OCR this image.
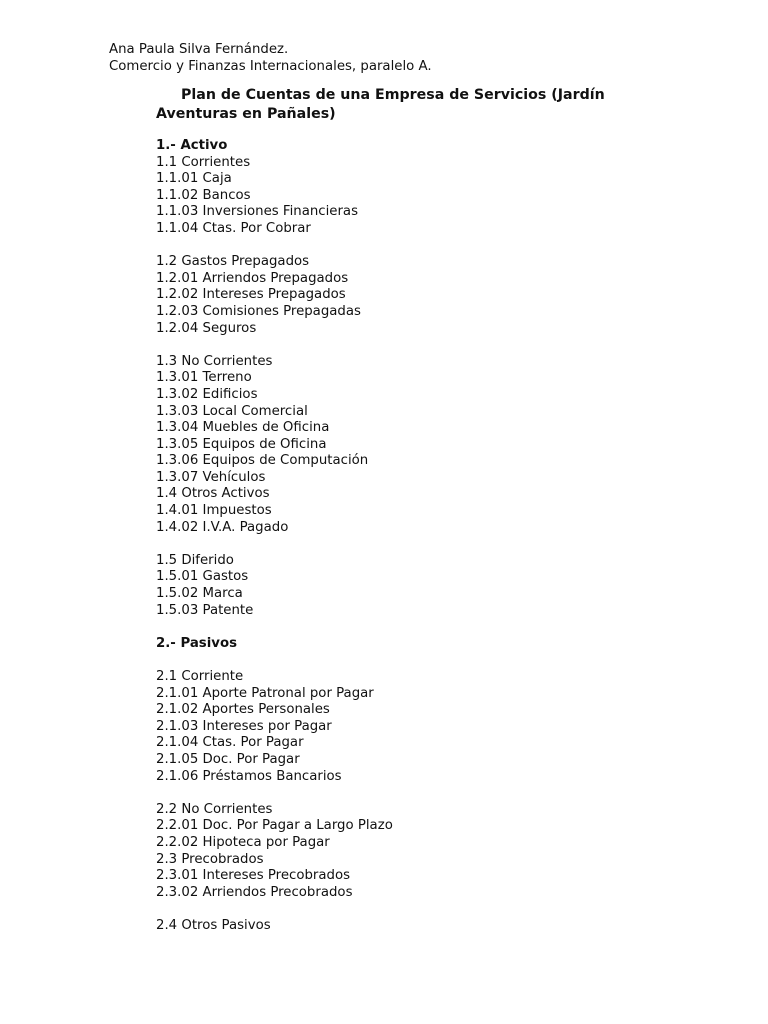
Ana Paula Silva Fernández.
Comercio y Finanzas Internacionales, paralelo A.
Plan de Cuentas de una Empresa de Servicios (Jardín Aventuras en Pañales)
1.- Activo
1.1 Corrientes
1.1.01 Caja
1.1.02 Bancos
1.1.03 Inversiones Financieras
1.1.04 Ctas. Por Cobrar
1.2 Gastos Prepagados
1.2.01 Arriendos Prepagados
1.2.02 Intereses Prepagados
1.2.03 Comisiones Prepagadas
1.2.04 Seguros
1.3 No Corrientes
1.3.01 Terreno
1.3.02 Edificios
1.3.03 Local Comercial
1.3.04 Muebles de Oficina
1.3.05 Equipos de Oficina
1.3.06 Equipos de Computación
1.3.07 Vehículos
1.4 Otros Activos
1.4.01 Impuestos
1.4.02 I.V.A. Pagado
1.5 Diferido
1.5.01 Gastos
1.5.02 Marca
1.5.03 Patente
2.- Pasivos
2.1 Corriente
2.1.01 Aporte Patronal por Pagar
2.1.02 Aportes Personales
2.1.03 Intereses por Pagar
2.1.04 Ctas. Por Pagar
2.1.05 Doc. Por Pagar
2.1.06 Préstamos Bancarios
2.2 No Corrientes
2.2.01 Doc. Por Pagar a Largo Plazo
2.2.02 Hipoteca por Pagar
2.3 Precobrados
2.3.01 Intereses Precobrados
2.3.02 Arriendos Precobrados
2.4 Otros Pasivos
